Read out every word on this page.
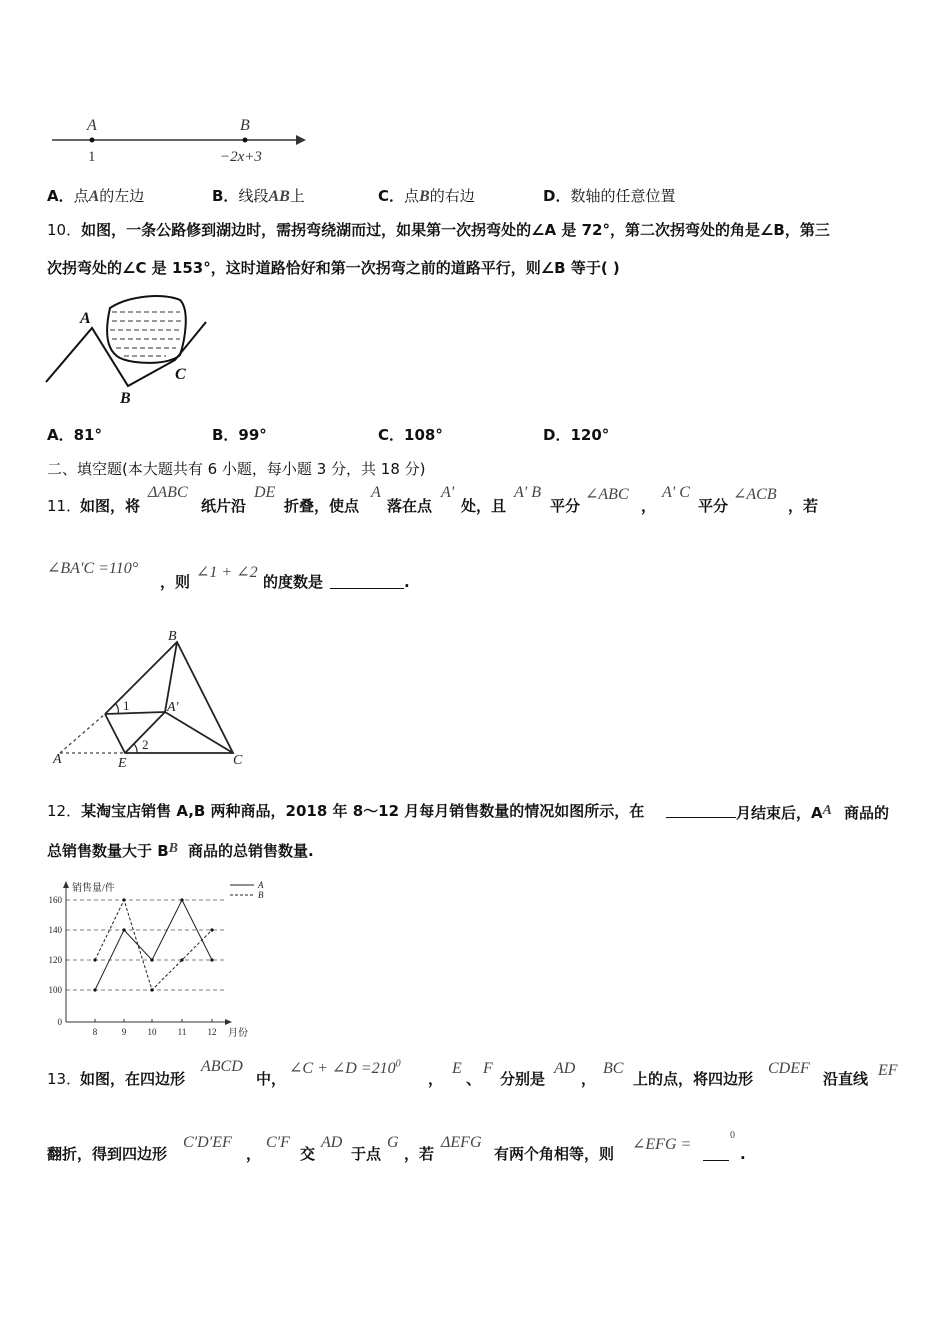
A	B
1	−2x+3
A．点A的左边	B．线段AB上	C．点B的右边	D．数轴的任意位置
10．如图，一条公路修到湖边时，需拐弯绕湖而过，如果第一次拐弯处的∠A 是 72°，第二次拐弯处的角是∠B，第三
次拐弯处的∠C 是 153°，这时道路恰好和第一次拐弯之前的道路平行，则∠B 等于( )
A
B
C
A．81°	B．99°	C．108°	D．120°
二、填空题(本大题共有 6 小题，每小题 3 分，共 18 分)
11．
如图，将
ΔABC
纸片沿
DE
折叠，使点
A
落在点
A'
处，且
A' B
平分
∠ABC
，
A' C
平分
∠ACB
，若
∠BA′C =110°
，则
∠1 + ∠2
的度数是	.
B
A
A′
E	C
1
2
12．某淘宝店销售 A,B 两种商品，2018 年 8～12 月每月销售数量的情况如图所示，在	月结束后，AA 商品的
总销售数量大于 BB 商品的总销售数量.
0
100
120
140
160
8	9 10 11 12
销售量/件
月份
A
B
13．
如图，在四边形
ABCD
中，
∠C + ∠D $=210^0$
，
E
、
F
分别是
AD
，
BC
上的点，将四边形
CDEF
沿直线 EF
翻折，得到四边形
C′D′EF
，
C′F
交
AD
于点
G
，若
ΔEFG
有两个角相等，则
∠EFG =
0
.
